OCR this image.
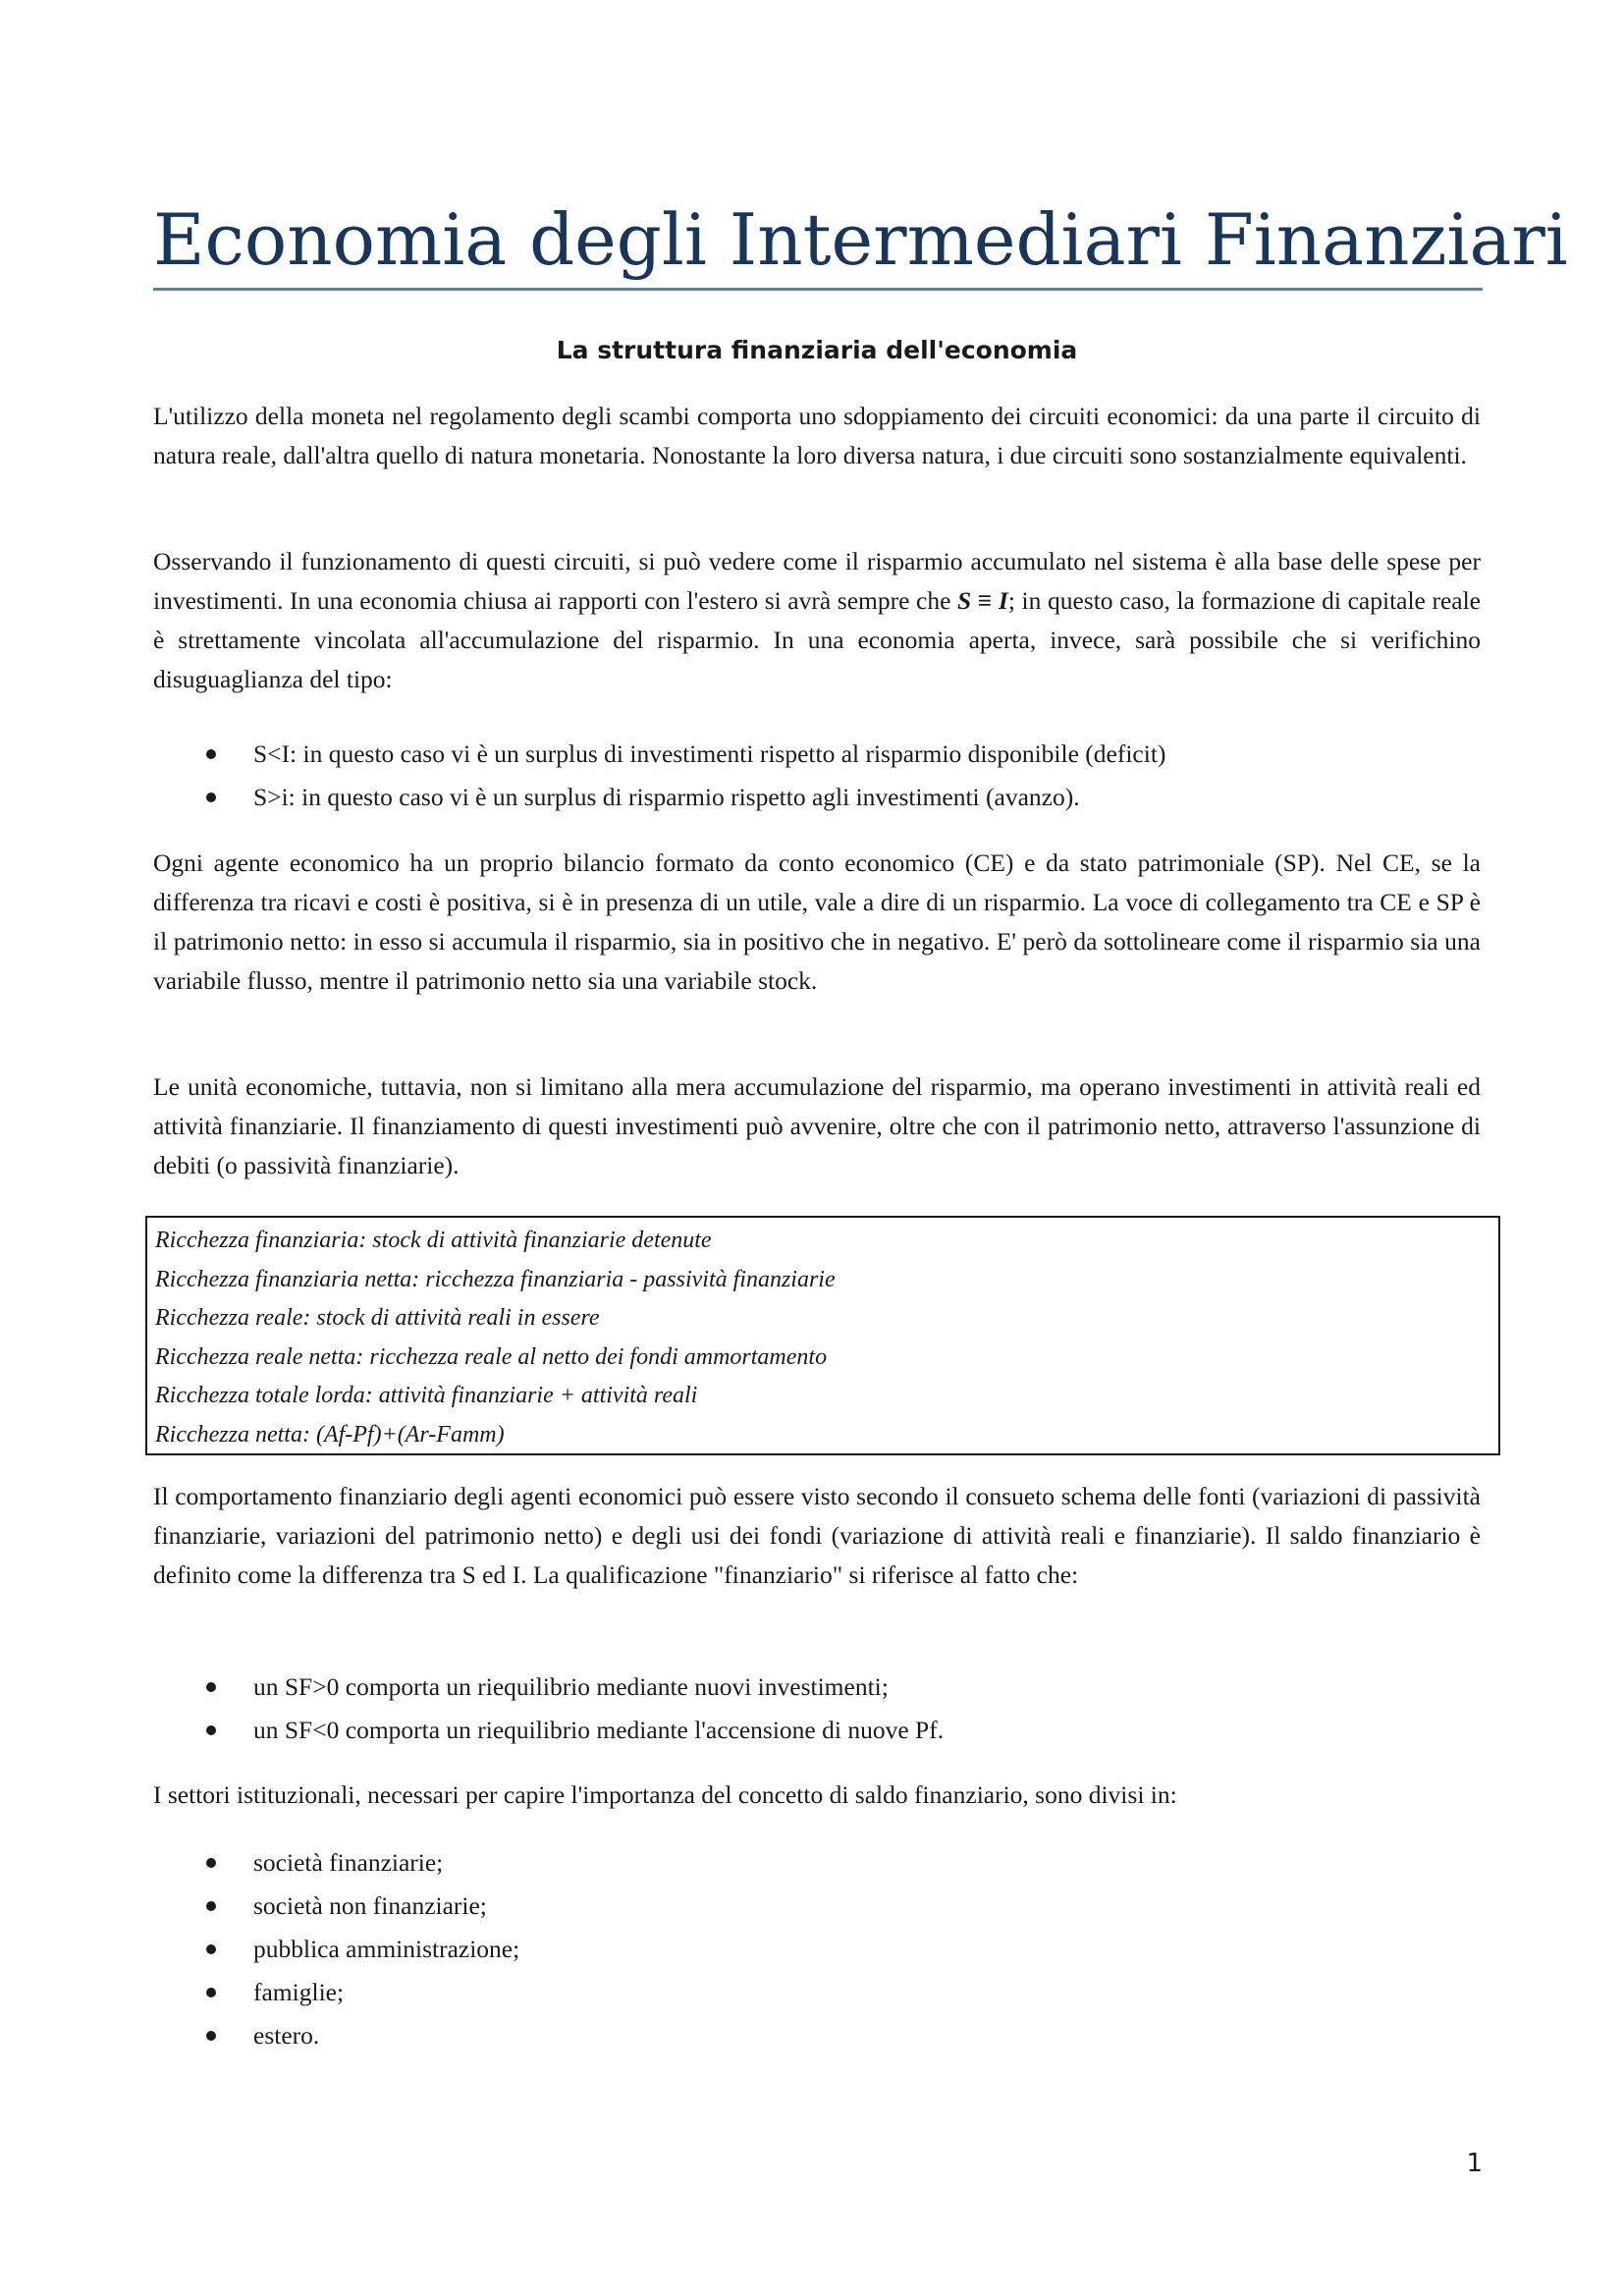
Economia degli Intermediari Finanziari
La struttura finanziaria dell'economia

L'utilizzo della moneta nel regolamento degli scambi comporta uno sdoppiamento dei circuiti economici: da una parte il circuito di natura reale, dall'altra quello di natura monetaria. Nonostante la loro diversa natura, i due circuiti sono sostanzialmente equivalenti.

Osservando il funzionamento di questi circuiti, si può vedere come il risparmio accumulato nel sistema è alla base delle spese per investimenti. In una economia chiusa ai rapporti con l'estero si avrà sempre che S ≡ I; in questo caso, la formazione di capitale reale è strettamente vincolata all'accumulazione del risparmio. In una economia aperta, invece, sarà possibile che si verifichino disuguaglianza del tipo:

S<I: in questo caso vi è un surplus di investimenti rispetto al risparmio disponibile (deficit)
S>i: in questo caso vi è un surplus di risparmio rispetto agli investimenti (avanzo).

Ogni agente economico ha un proprio bilancio formato da conto economico (CE) e da stato patrimoniale (SP). Nel CE, se la differenza tra ricavi e costi è positiva, si è in presenza di un utile, vale a dire di un risparmio. La voce di collegamento tra CE e SP è il patrimonio netto: in esso si accumula il risparmio, sia in positivo che in negativo. E' però da sottolineare come il risparmio sia una variabile flusso, mentre il patrimonio netto sia una variabile stock.

Le unità economiche, tuttavia, non si limitano alla mera accumulazione del risparmio, ma operano investimenti in attività reali ed attività finanziarie. Il finanziamento di questi investimenti può avvenire, oltre che con il patrimonio netto, attraverso l'assunzione di debiti (o passività finanziarie).

Ricchezza finanziaria: stock di attività finanziarie detenute
Ricchezza finanziaria netta: ricchezza finanziaria - passività finanziarie
Ricchezza reale: stock di attività reali in essere
Ricchezza reale netta: ricchezza reale al netto dei fondi ammortamento
Ricchezza totale lorda: attività finanziarie + attività reali
Ricchezza netta: (Af-Pf)+(Ar-Famm)

Il comportamento finanziario degli agenti economici può essere visto secondo il consueto schema delle fonti (variazioni di passività finanziarie, variazioni del patrimonio netto) e degli usi dei fondi (variazione di attività reali e finanziarie). Il saldo finanziario è definito come la differenza tra S ed I. La qualificazione "finanziario" si riferisce al fatto che:

un SF>0 comporta un riequilibrio mediante nuovi investimenti;
un SF<0 comporta un riequilibrio mediante l'accensione di nuove Pf.

I settori istituzionali, necessari per capire l'importanza del concetto di saldo finanziario, sono divisi in:

società finanziarie;
società non finanziarie;
pubblica amministrazione;
famiglie;
estero.
1
